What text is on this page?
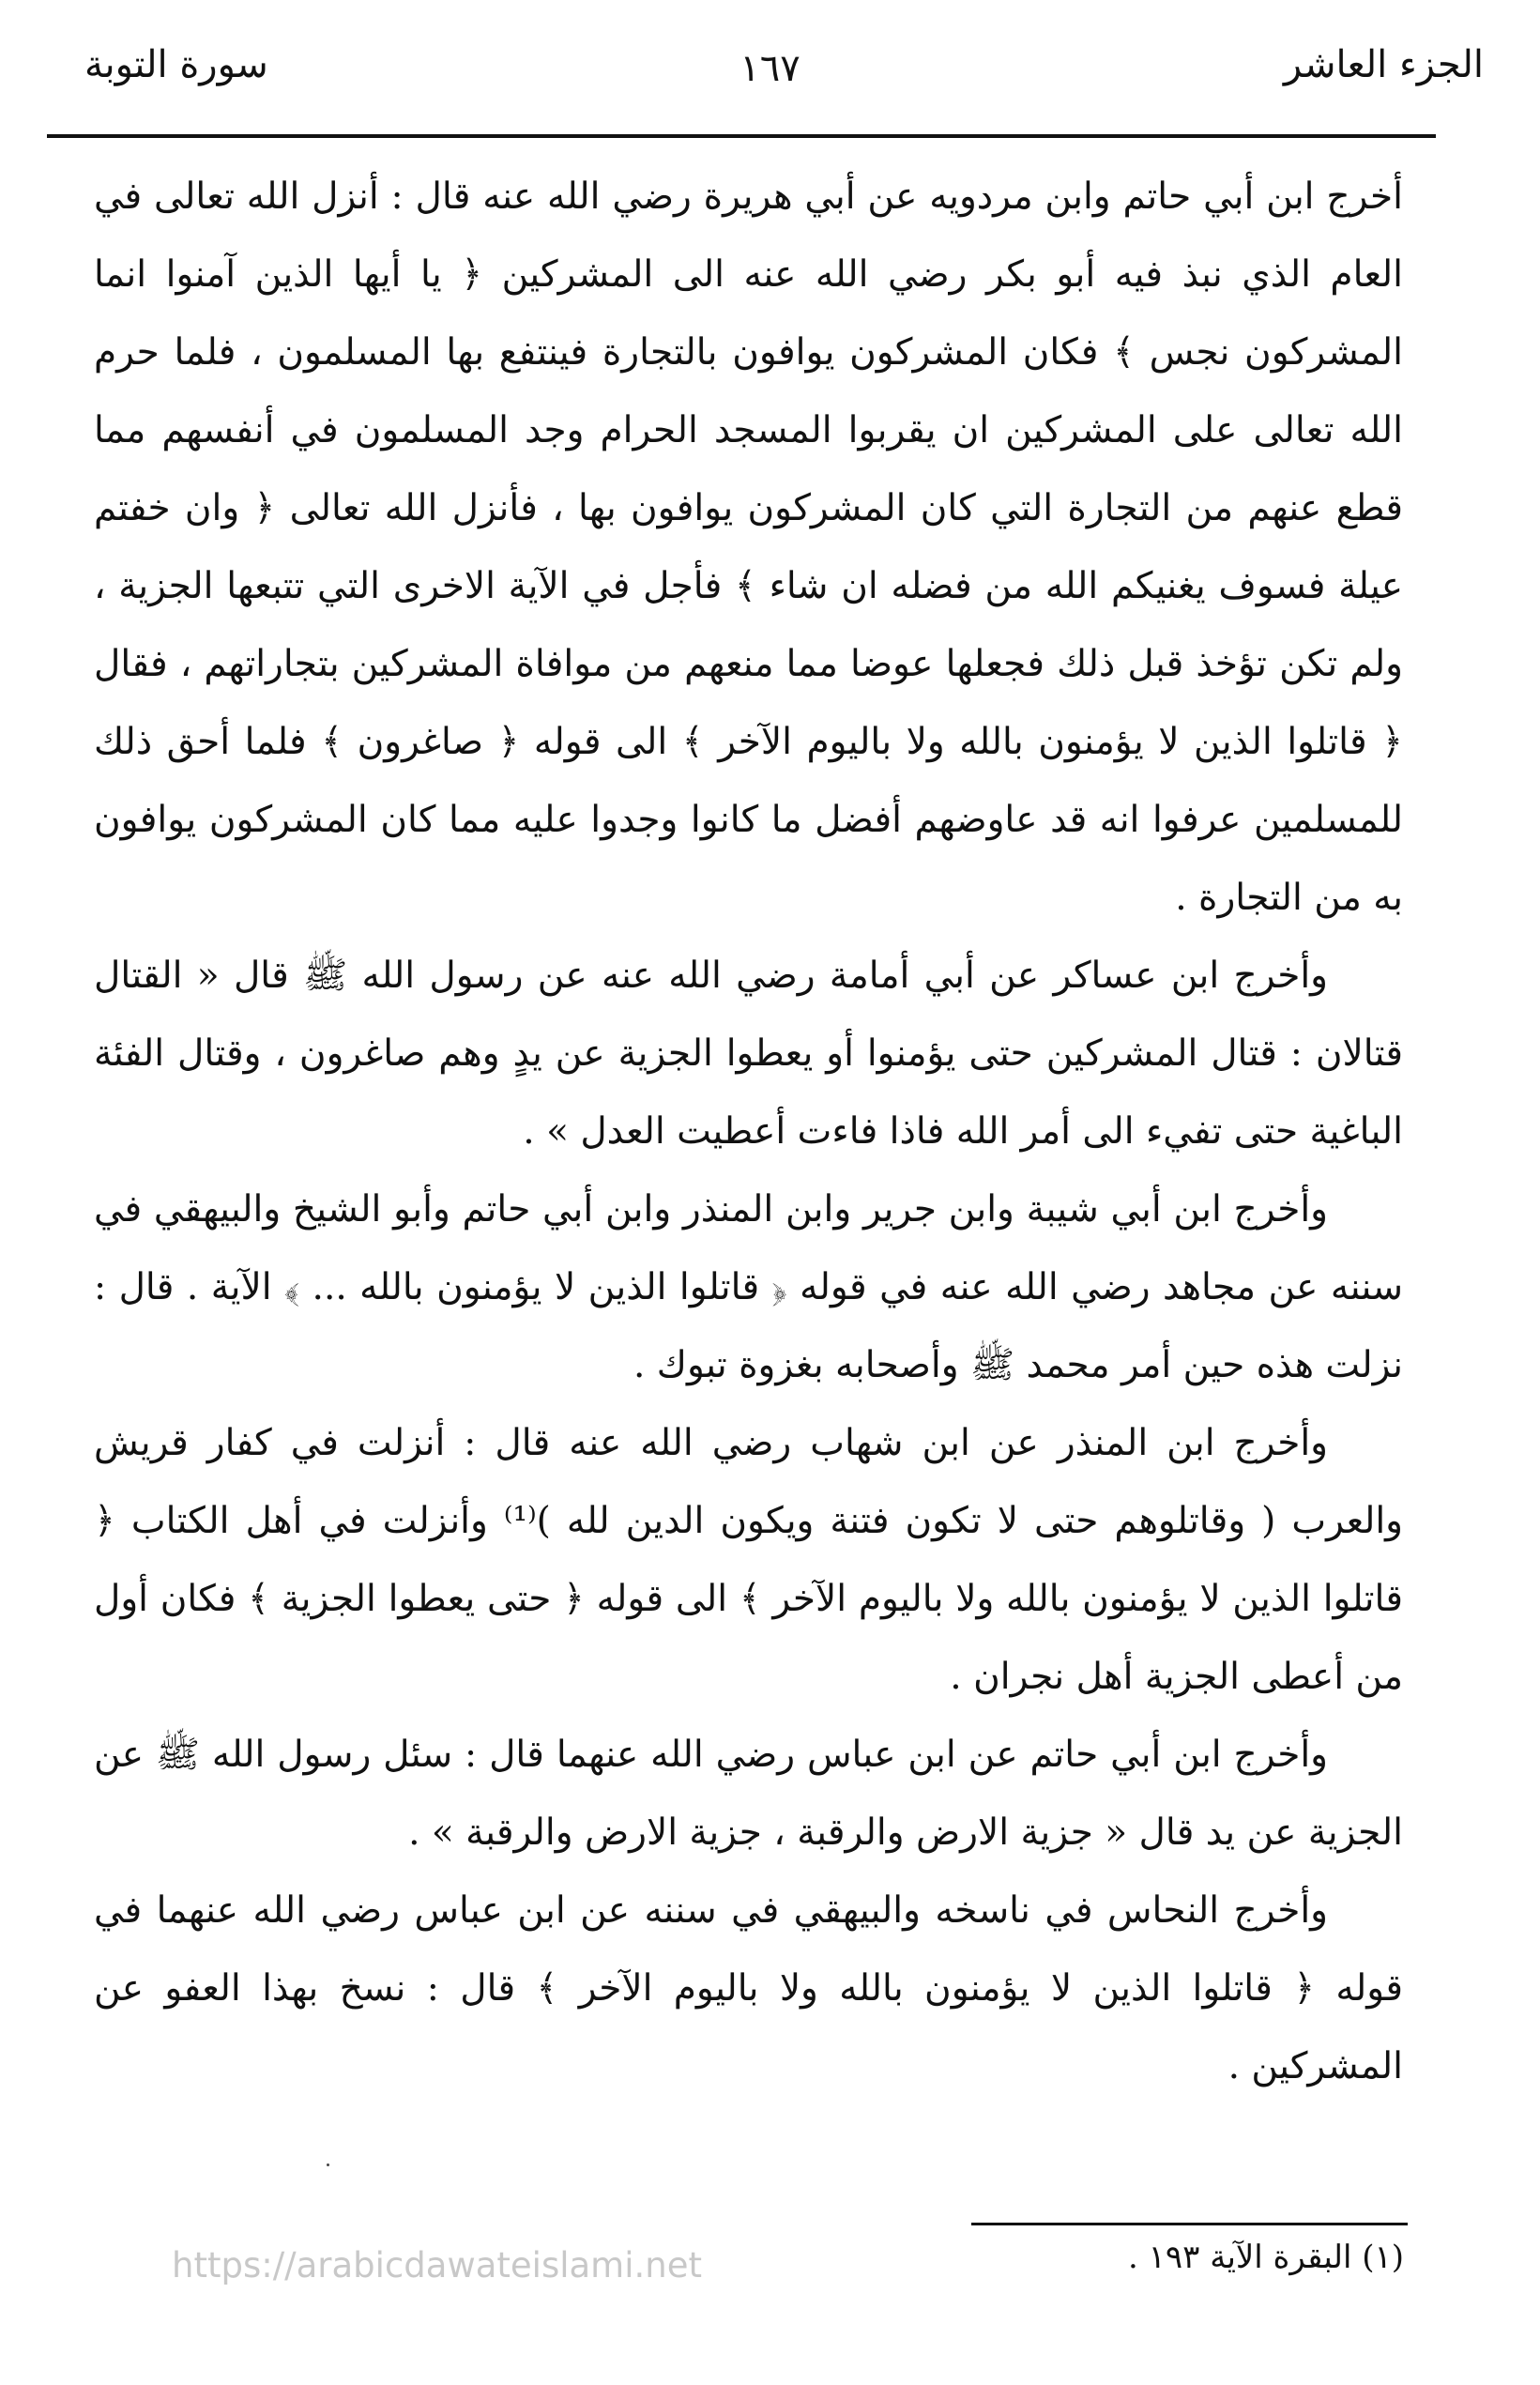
الجزء العاشر
١٦٧
سورة التوبة

أخرج ابن أبي حاتم وابن مردويه عن أبي هريرة رضي الله عنه قال : أنزل الله تعالى في العام الذي نبذ فيه أبو بكر رضي الله عنه الى المشركين ﴿ يا أيها الذين آمنوا انما المشركون نجس ﴾ فكان المشركون يوافون بالتجارة فينتفع بها المسلمون ، فلما حرم الله تعالى على المشركين ان يقربوا المسجد الحرام وجد المسلمون في أنفسهم مما قطع عنهم من التجارة التي كان المشركون يوافون بها ، فأنزل الله تعالى ﴿ وان خفتم عيلة فسوف يغنيكم الله من فضله ان شاء ﴾ فأجل في الآية الاخرى التي تتبعها الجزية ، ولم تكن تؤخذ قبل ذلك فجعلها عوضا مما منعهم من موافاة المشركين بتجاراتهم ، فقال ﴿ قاتلوا الذين لا يؤمنون بالله ولا باليوم الآخر ﴾ الى قوله ﴿ صاغرون ﴾ فلما أحق ذلك للمسلمين عرفوا انه قد عاوضهم أفضل ما كانوا وجدوا عليه مما كان المشركون يوافون به من التجارة .

وأخرج ابن عساكر عن أبي أمامة رضي الله عنه عن رسول الله ﷺ قال « القتال قتالان : قتال المشركين حتى يؤمنوا أو يعطوا الجزية عن يدٍ وهم صاغرون ، وقتال الفئة الباغية حتى تفيء الى أمر الله فاذا فاءت أعطيت العدل » .

وأخرج ابن أبي شيبة وابن جرير وابن المنذر وابن أبي حاتم وأبو الشيخ والبيهقي في سننه عن مجاهد رضي الله عنه في قوله ﴿ قاتلوا الذين لا يؤمنون بالله ... ﴾ الآية . قال : نزلت هذه حين أمر محمد ﷺ وأصحابه بغزوة تبوك .

وأخرج ابن المنذر عن ابن شهاب رضي الله عنه قال : أنزلت في كفار قريش والعرب ( وقاتلوهم حتى لا تكون فتنة ويكون الدين لله )⁽¹⁾ وأنزلت في أهل الكتاب ﴿ قاتلوا الذين لا يؤمنون بالله ولا باليوم الآخر ﴾ الى قوله ﴿ حتى يعطوا الجزية ﴾ فكان أول من أعطى الجزية أهل نجران .

وأخرج ابن أبي حاتم عن ابن عباس رضي الله عنهما قال : سئل رسول الله ﷺ عن الجزية عن يد قال « جزية الارض والرقبة ، جزية الارض والرقبة » .

وأخرج النحاس في ناسخه والبيهقي في سننه عن ابن عباس رضي الله عنهما في قوله ﴿ قاتلوا الذين لا يؤمنون بالله ولا باليوم الآخر ﴾ قال : نسخ بهذا العفو عن المشركين .

(١) البقرة الآية ١٩٣ .
https://arabicdawateislami.net
